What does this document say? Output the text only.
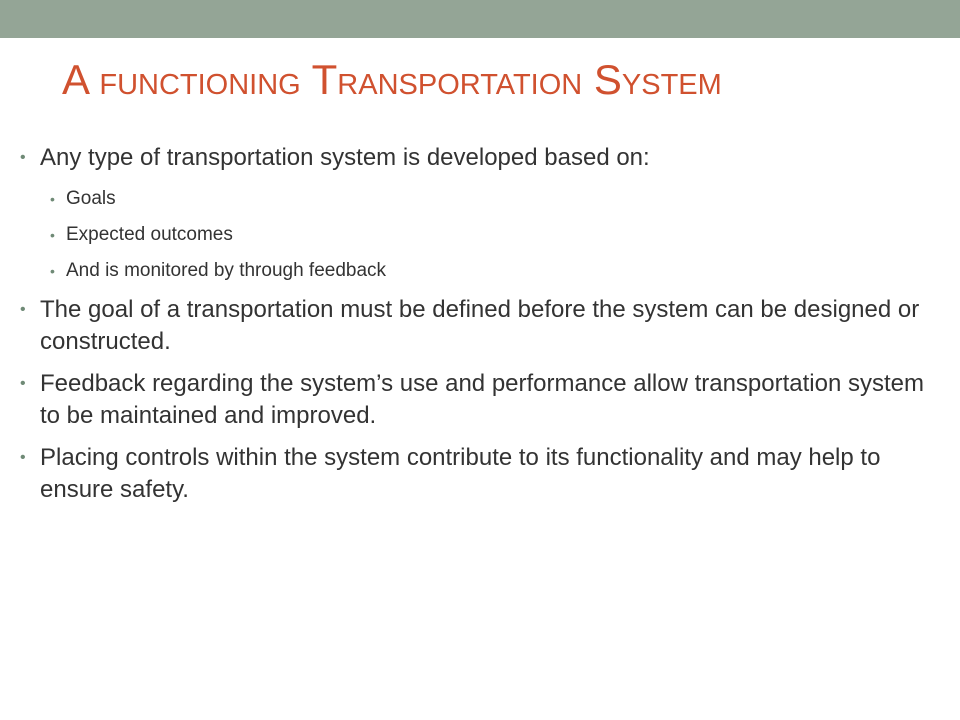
A functioning Transportation System
• Any type of transportation system is developed based on:
• Goals
• Expected outcomes
• And is monitored by through feedback
• The goal of a transportation must be defined before the system can be designed or constructed.
• Feedback regarding the system’s use and performance allow transportation system to be maintained and improved.
• Placing controls within the system contribute to its functionality and may help to ensure safety.
